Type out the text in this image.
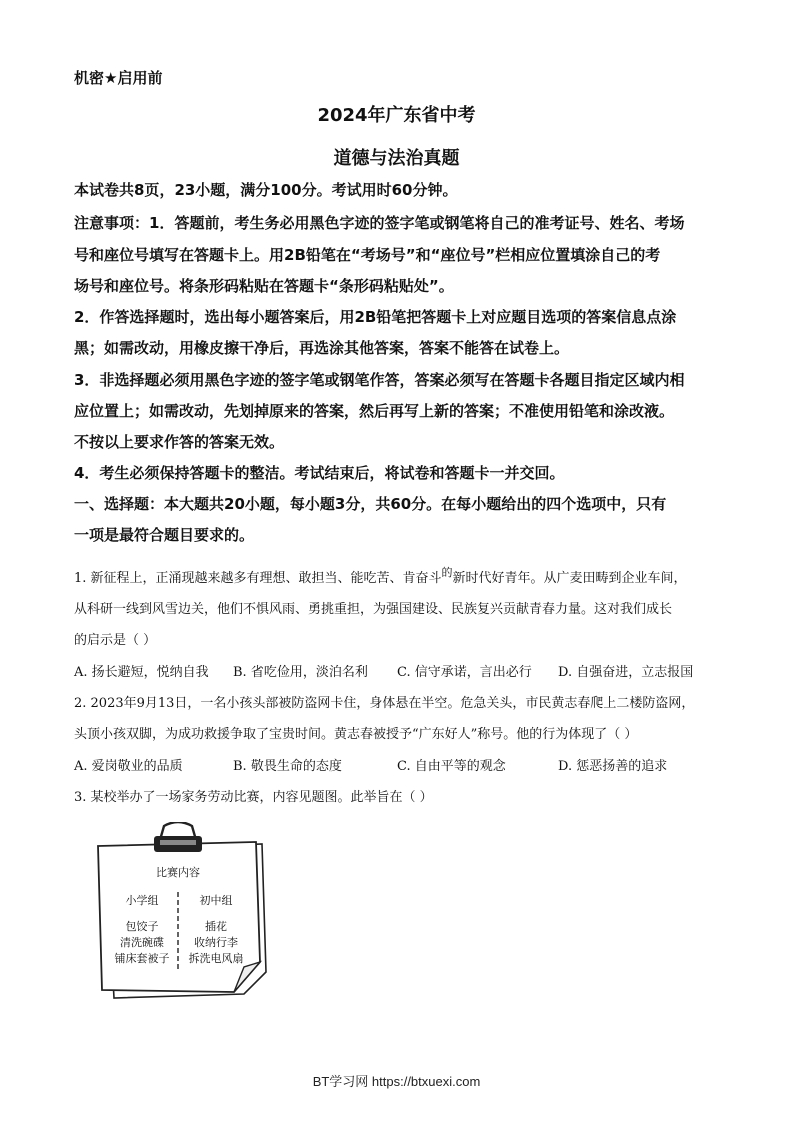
机密★启用前
2024年广东省中考
道德与法治真题
本试卷共8页，23小题，满分100分。考试用时60分钟。
注意事项：1．答题前，考生务必用黑色字迹的签字笔或钢笔将自己的准考证号、姓名、考场
号和座位号填写在答题卡上。用2B铅笔在“考场号”和“座位号”栏相应位置填涂自己的考
场号和座位号。将条形码粘贴在答题卡“条形码粘贴处”。
2．作答选择题时，选出每小题答案后，用2B铅笔把答题卡上对应题目选项的答案信息点涂
黑；如需改动，用橡皮擦干净后，再选涂其他答案，答案不能答在试卷上。
3．非选择题必须用黑色字迹的签字笔或钢笔作答，答案必须写在答题卡各题目指定区域内相
应位置上；如需改动，先划掉原来的答案，然后再写上新的答案；不准使用铅笔和涂改液。
不按以上要求作答的答案无效。
4．考生必须保持答题卡的整洁。考试结束后，将试卷和答题卡一并交回。
一、选择题：本大题共20小题，每小题3分，共60分。在每小题给出的四个选项中，只有
一项是最符合题目要求的。
1. 新征程上，正涌现越来越多有理想、敢担当、能吃苦、肯奋斗$^的$新时代好青年。从广麦田畴到企业车间，
从科研一线到风雪边关，他们不惧风雨、勇挑重担，为强国建设、民族复兴贡献青春力量。这对我们成长
的启示是（ ）
A. 扬长避短，悦纳自我 B. 省吃俭用，淡泊名利 C. 信守承诺，言出必行 D. 自强奋进，立志报国
2. 2023年9月13日，一名小孩头部被防盗网卡住，身体悬在半空。危急关头，市民黄志春爬上二楼防盗网，
头顶小孩双脚，为成功救援争取了宝贵时间。黄志春被授予“广东好人”称号。他的行为体现了（ ）
A. 爱岗敬业的品质	B. 敬畏生命的态度	C. 自由平等的观念	D. 惩恶扬善的追求
3. 某校举办了一场家务劳动比赛，内容见题图。此举旨在（ ）
比赛内容
小学组	初中组
包饺子
清洗碗碟
铺床套被子
插花
收纳行李
拆洗电风扇
BT学习网 https://btxuexi.com
